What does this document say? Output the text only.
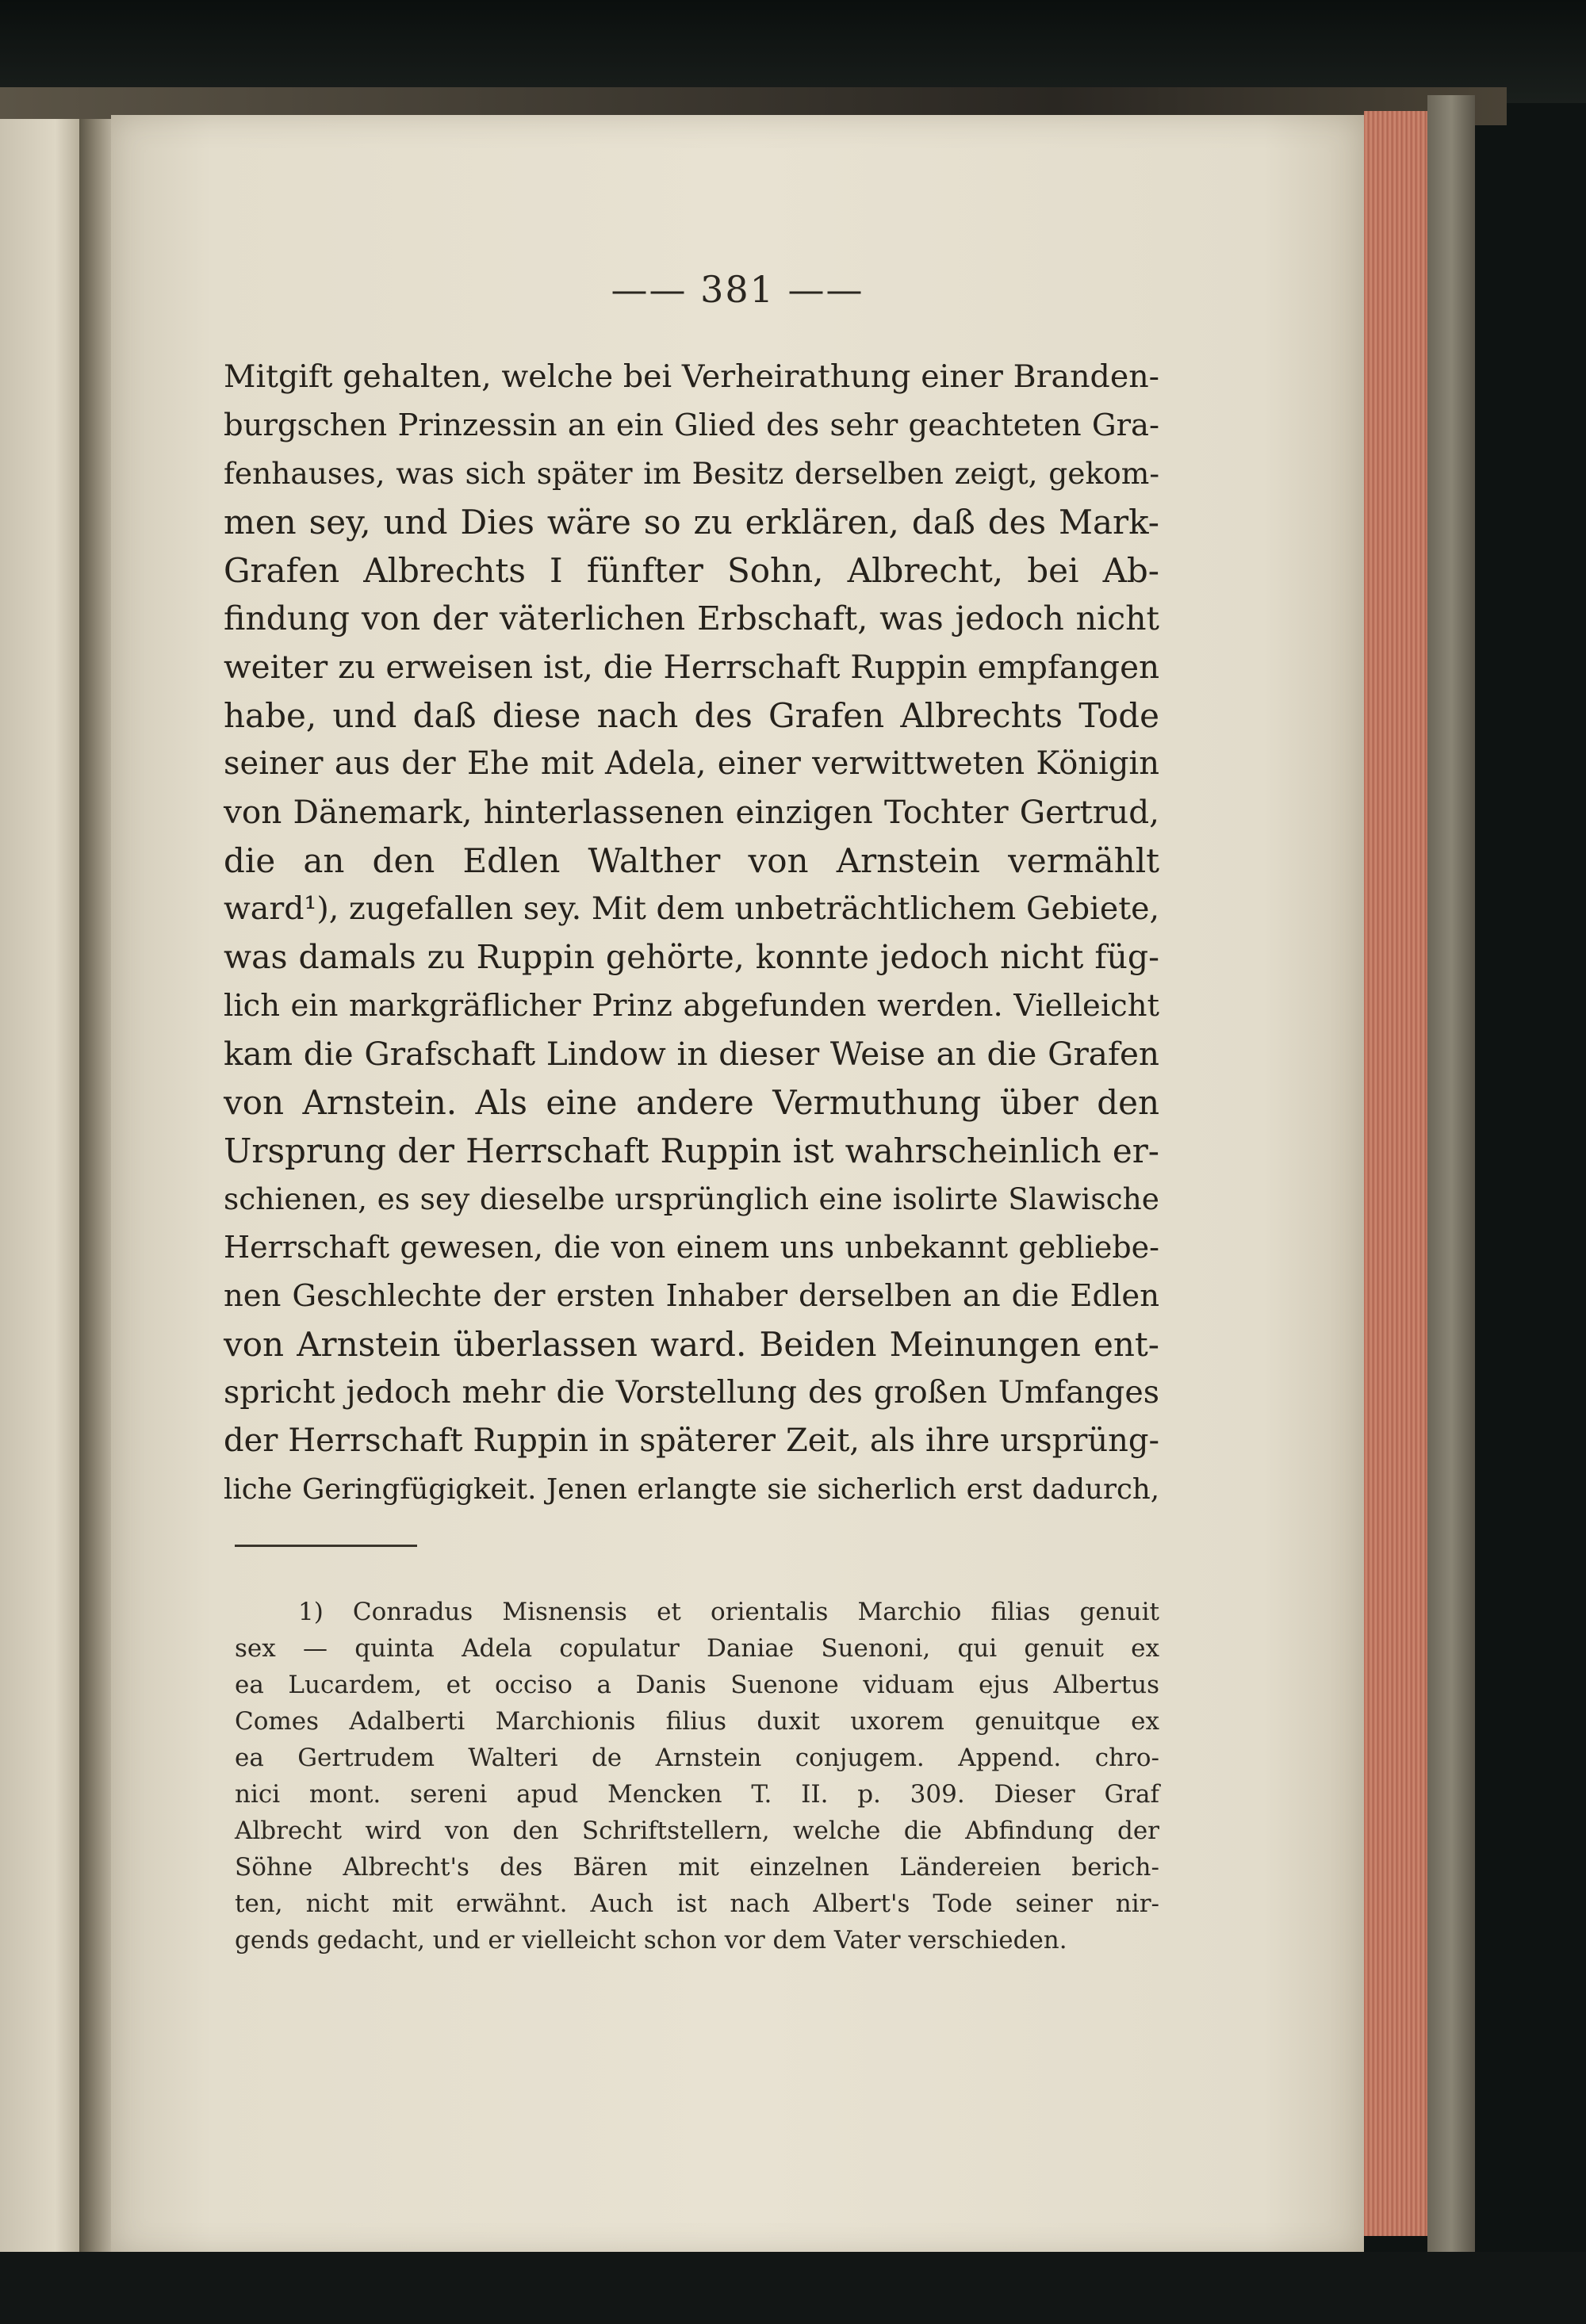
—— 381 ——
Mitgift gehalten, welche bei Verheirathung einer Branden-
burgschen Prinzessin an ein Glied des sehr geachteten Gra-
fenhauses, was sich später im Besitz derselben zeigt, gekom-
men sey, und Dies wäre so zu erklären, daß des Mark-
Grafen Albrechts I fünfter Sohn, Albrecht, bei Ab-
findung von der väterlichen Erbschaft, was jedoch nicht
weiter zu erweisen ist, die Herrschaft Ruppin empfangen
habe, und daß diese nach des Grafen Albrechts Tode
seiner aus der Ehe mit Adela, einer verwittweten Königin
von Dänemark, hinterlassenen einzigen Tochter Gertrud,
die an den Edlen Walther von Arnstein vermählt
ward¹), zugefallen sey. Mit dem unbeträchtlichem Gebiete,
was damals zu Ruppin gehörte, konnte jedoch nicht füg-
lich ein markgräflicher Prinz abgefunden werden. Vielleicht
kam die Grafschaft Lindow in dieser Weise an die Grafen
von Arnstein. Als eine andere Vermuthung über den
Ursprung der Herrschaft Ruppin ist wahrscheinlich er-
schienen, es sey dieselbe ursprünglich eine isolirte Slawische
Herrschaft gewesen, die von einem uns unbekannt gebliebe-
nen Geschlechte der ersten Inhaber derselben an die Edlen
von Arnstein überlassen ward. Beiden Meinungen ent-
spricht jedoch mehr die Vorstellung des großen Umfanges
der Herrschaft Ruppin in späterer Zeit, als ihre ursprüng-
liche Geringfügigkeit. Jenen erlangte sie sicherlich erst dadurch,
1) Conradus Misnensis et orientalis Marchio filias genuit
sex — quinta Adela copulatur Daniae Suenoni, qui genuit ex
ea Lucardem, et occiso a Danis Suenone viduam ejus Albertus
Comes Adalberti Marchionis filius duxit uxorem genuitque ex
ea Gertrudem Walteri de Arnstein conjugem. Append. chro-
nici mont. sereni apud Mencken T. II. p. 309. Dieser Graf
Albrecht wird von den Schriftstellern, welche die Abfindung der
Söhne Albrecht's des Bären mit einzelnen Ländereien berich-
ten, nicht mit erwähnt. Auch ist nach Albert's Tode seiner nir-
gends gedacht, und er vielleicht schon vor dem Vater verschieden.
